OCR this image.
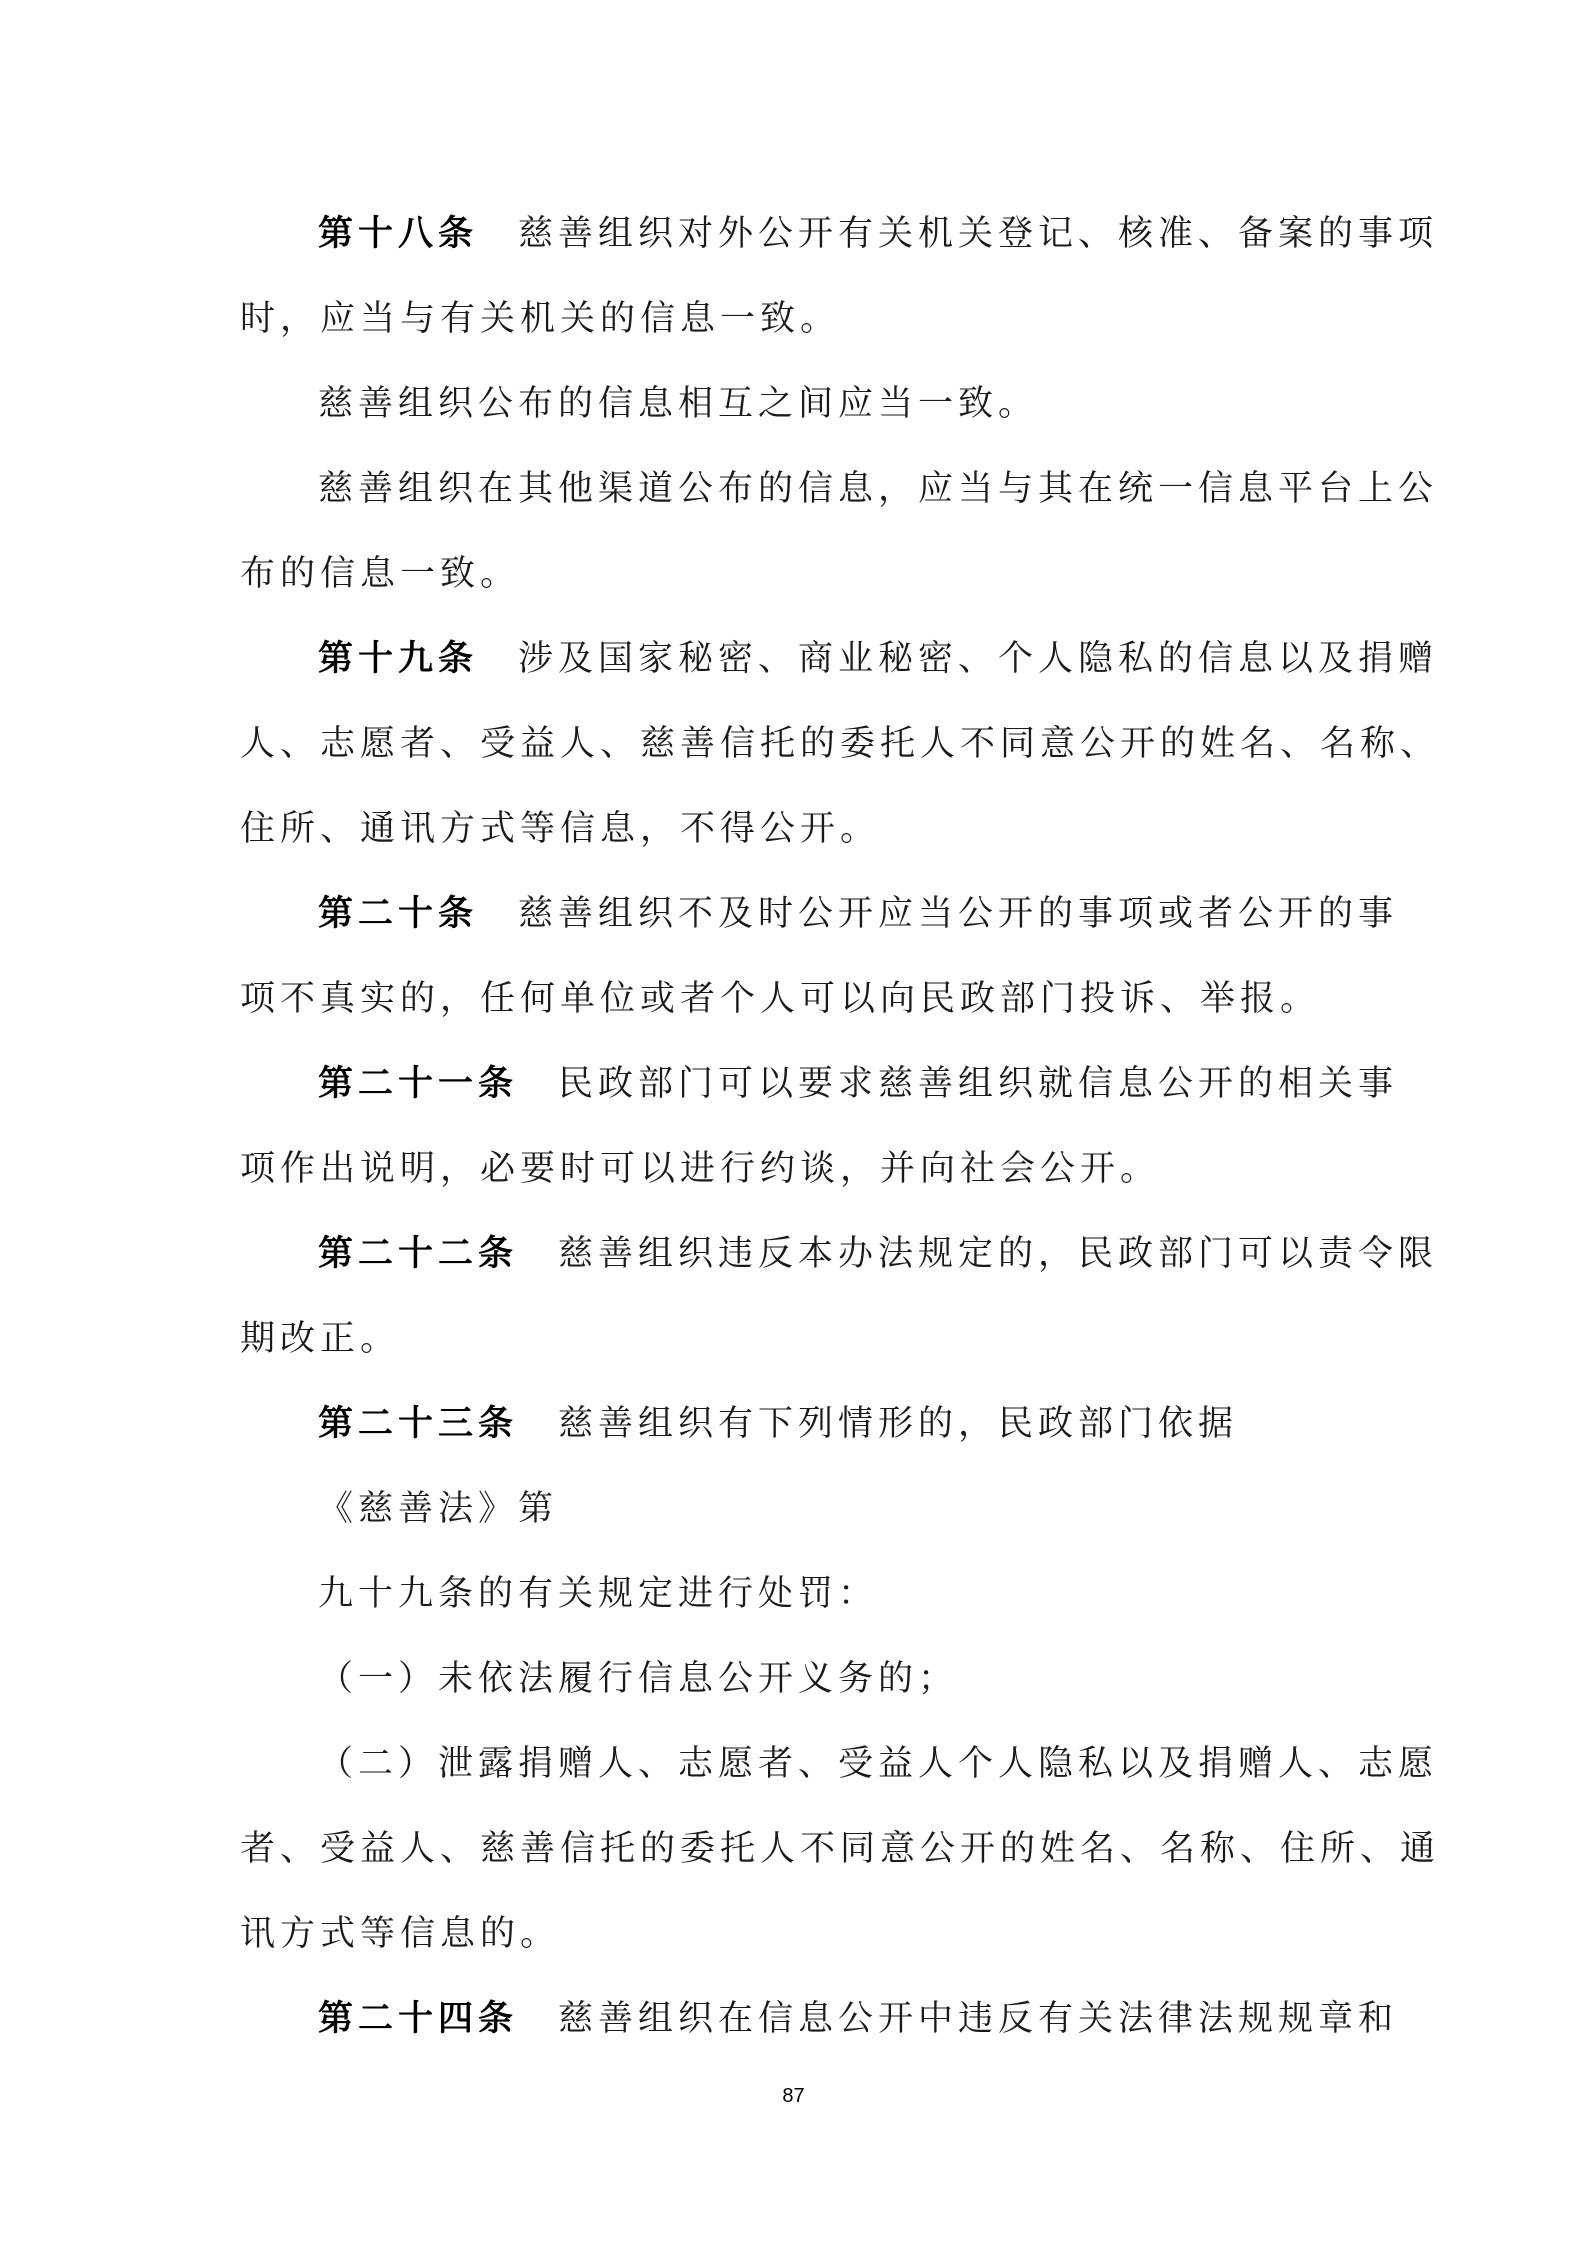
第十八条 慈善组织对外公开有关机关登记、核准、备案的事项
时，应当与有关机关的信息一致。
慈善组织公布的信息相互之间应当一致。
慈善组织在其他渠道公布的信息，应当与其在统一信息平台上公
布的信息一致。
第十九条 涉及国家秘密、商业秘密、个人隐私的信息以及捐赠
人、志愿者、受益人、慈善信托的委托人不同意公开的姓名、名称、
住所、通讯方式等信息，不得公开。
第二十条 慈善组织不及时公开应当公开的事项或者公开的事
项不真实的，任何单位或者个人可以向民政部门投诉、举报。
第二十一条 民政部门可以要求慈善组织就信息公开的相关事
项作出说明，必要时可以进行约谈，并向社会公开。
第二十二条 慈善组织违反本办法规定的，民政部门可以责令限
期改正。
第二十三条 慈善组织有下列情形的，民政部门依据
《慈善法》第
九十九条的有关规定进行处罚：
（一）未依法履行信息公开义务的；
（二）泄露捐赠人、志愿者、受益人个人隐私以及捐赠人、志愿
者、受益人、慈善信托的委托人不同意公开的姓名、名称、住所、通
讯方式等信息的。
第二十四条 慈善组织在信息公开中违反有关法律法规规章和
87
